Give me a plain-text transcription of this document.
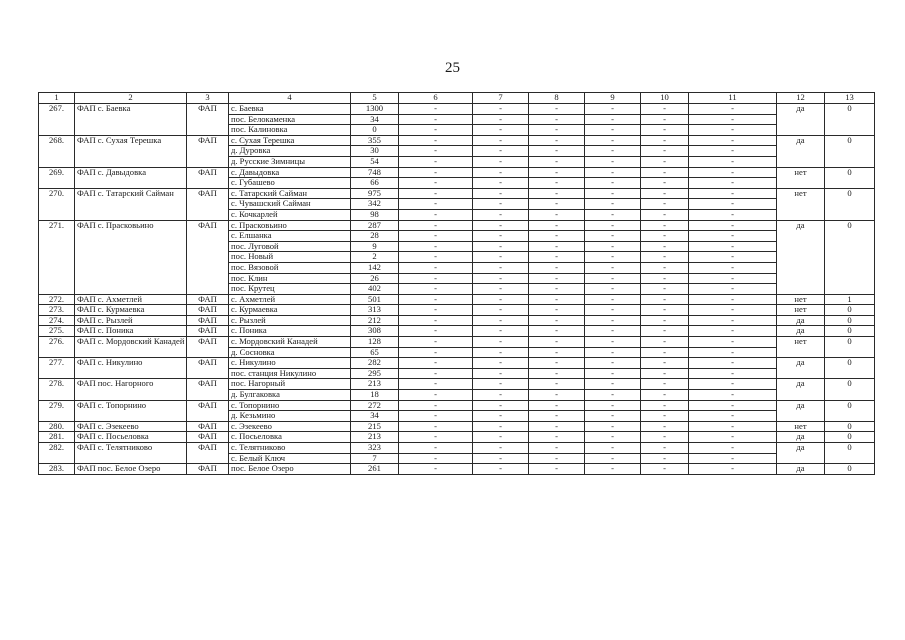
25
1	2	3	4	5	6	7	8	9	10	11	12	13
267.	ФАП с. Баевка	ФАП	с. Баевка	1300	-	-	-	-	-	-	да	0
			пос. Белокаменка	34	-	-	-	-	-	-		
			пос. Калиновка	0	-	-	-	-	-	-		
268.	ФАП с. Сухая Терешка	ФАП	с. Сухая Терешка	355	-	-	-	-	-	-	да	0
			д. Дуровка	30	-	-	-	-	-	-		
			д. Русские Зимницы	54	-	-	-	-	-	-		
269.	ФАП с. Давыдовка	ФАП	с. Давыдовка	748	-	-	-	-	-	-	нет	0
			с. Губашево	66	-	-	-	-	-	-		
270.	ФАП с. Татарский Сайман	ФАП	с. Татарский Сайман	975	-	-	-	-	-	-	нет	0
			с. Чувашский Сайман	342	-	-	-	-	-	-		
			с. Кочкарлей	98	-	-	-	-	-	-		
271.	ФАП с. Прасковьино	ФАП	с. Прасковьино	287	-	-	-	-	-	-	да	0
			с. Елшанка	28	-	-	-	-	-	-		
			пос. Луговой	9	-	-	-	-	-	-		
			пос. Новый	2	-	-	-	-	-	-		
			пос. Вязовой	142	-	-	-	-	-	-		
			пос. Клин	26	-	-	-	-	-	-		
			пос. Крутец	402	-	-	-	-	-	-		
272.	ФАП с. Ахметлей	ФАП	с. Ахметлей	501	-	-	-	-	-	-	нет	1
273.	ФАП с. Курмаевка	ФАП	с. Курмаевка	313	-	-	-	-	-	-	нет	0
274.	ФАП с. Рызлей	ФАП	с. Рызлей	212	-	-	-	-	-	-	да	0
275.	ФАП с. Поника	ФАП	с. Поника	308	-	-	-	-	-	-	да	0
276.	ФАП с. Мордовский Канадей	ФАП	с. Мордовский Канадей	128	-	-	-	-	-	-	нет	0
			д. Сосновка	65	-	-	-	-	-	-		
277.	ФАП с. Никулино	ФАП	с. Никулино	282	-	-	-	-	-	-	да	0
			пос. станция Никулино	295	-	-	-	-	-	-		
278.	ФАП пос. Нагорного	ФАП	пос. Нагорный	213	-	-	-	-	-	-	да	0
			д. Булгаковка	18	-	-	-	-	-	-		
279.	ФАП с. Топорнино	ФАП	с. Топорнино	272	-	-	-	-	-	-	да	0
			д. Кезьмино	34	-	-	-	-	-	-		
280.	ФАП с. Эзекеево	ФАП	с. Эзекеево	215	-	-	-	-	-	-	нет	0
281.	ФАП с. Посьеловка	ФАП	с. Посьеловка	213	-	-	-	-	-	-	да	0
282.	ФАП с. Телятниково	ФАП	с. Телятниково	323	-	-	-	-	-	-	да	0
			с. Белый Ключ	7	-	-	-	-	-	-		
283.	ФАП пос. Белое Озеро	ФАП	пос. Белое Озеро	261	-	-	-	-	-	-	да	0
